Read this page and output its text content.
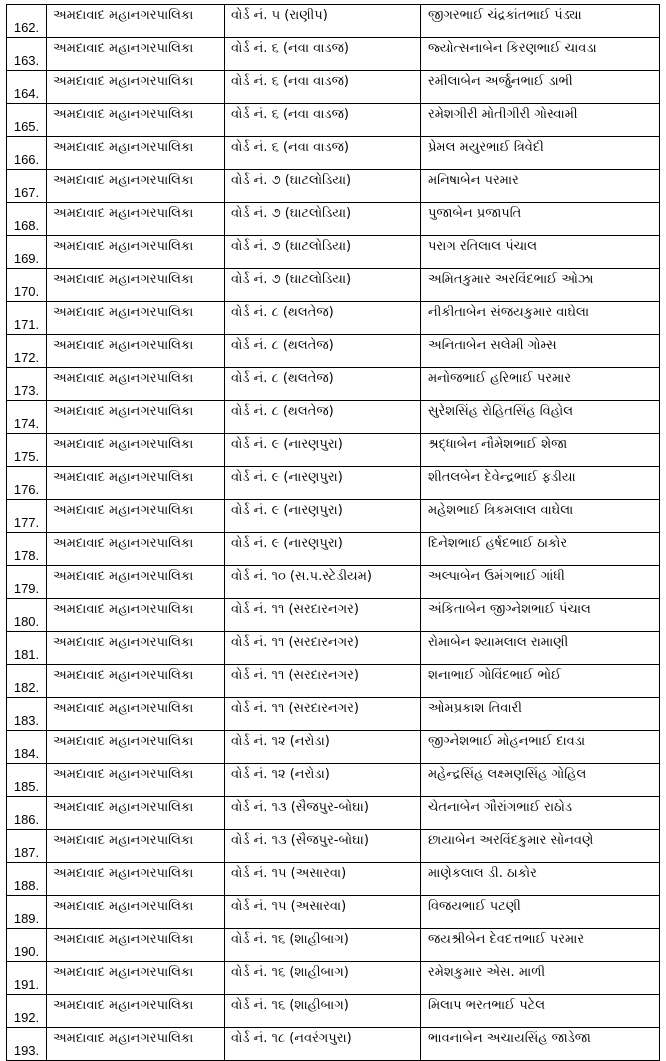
162.	અમદાવાદ મહાનગરપાલિકા	વોર્ડ નં. ૫ (રાણીપ)	જીગરભાઈ ચંદ્રકાંતભાઈ પંડ્યા
163.	અમદાવાદ મહાનગરપાલિકા	વોર્ડ નં. ૬ (નવા વાડજ)	જ્યોત્સનાબેન કિરણભાઈ ચાવડા
164.	અમદાવાદ મહાનગરપાલિકા	વોર્ડ નં. ૬ (નવા વાડજ)	રમીલાબેન અર્જુનભાઈ ડાભી
165.	અમદાવાદ મહાનગરપાલિકા	વોર્ડ નં. ૬ (નવા વાડજ)	રમેશગીરી મોતીગીરી ગોસ્વામી
166.	અમદાવાદ મહાનગરપાલિકા	વોર્ડ નં. ૬ (નવા વાડજ)	પ્રેમલ મયુરભાઈ ત્રિવેદી
167.	અમદાવાદ મહાનગરપાલિકા	વોર્ડ નં. ૭ (ઘાટલોડિયા)	મનિષાબેન પરમાર
168.	અમદાવાદ મહાનગરપાલિકા	વોર્ડ નં. ૭ (ઘાટલોડિયા)	પુજાબેન પ્રજાપતિ
169.	અમદાવાદ મહાનગરપાલિકા	વોર્ડ નં. ૭ (ઘાટલોડિયા)	પરાગ રતિલાલ પંચાલ
170.	અમદાવાદ મહાનગરપાલિકા	વોર્ડ નં. ૭ (ઘાટલોડિયા)	અમિતકુમાર અરવિંદભાઈ ઓઝા
171.	અમદાવાદ મહાનગરપાલિકા	વોર્ડ નં. ૮ (થલતેજ)	નીકીતાબેન સંજયકુમાર વાઘેલા
172.	અમદાવાદ મહાનગરપાલિકા	વોર્ડ નં. ૮ (થલતેજ)	અનિતાબેન સલેમી ગોમ્સ
173.	અમદાવાદ મહાનગરપાલિકા	વોર્ડ નં. ૮ (થલતેજ)	મનોજભાઈ હરિભાઈ પરમાર
174.	અમદાવાદ મહાનગરપાલિકા	વોર્ડ નં. ૮ (થલતેજ)	સુરેશસિંહ રોહિતસિંહ વિહોલ
175.	અમદાવાદ મહાનગરપાલિકા	વોર્ડ નં. ૯ (નારણપુરા)	શ્રદ્ધાબેન નૌમેશભાઈ શેજા
176.	અમદાવાદ મહાનગરપાલિકા	વોર્ડ નં. ૯ (નારણપુરા)	શીતલબેન દેવેન્દ્રભાઈ ફડીયા
177.	અમદાવાદ મહાનગરપાલિકા	વોર્ડ નં. ૯ (નારણપુરા)	મહેશભાઈ ત્રિકમલાલ વાઘેલા
178.	અમદાવાદ મહાનગરપાલિકા	વોર્ડ નં. ૯ (નારણપુરા)	દિનેશભાઈ હર્ષદભાઈ ઠાકોર
179.	અમદાવાદ મહાનગરપાલિકા	વોર્ડ નં. ૧૦ (સ.પ.સ્ટેડીયમ)	અલ્પાબેન ઉમંગભાઈ ગાંધી
180.	અમદાવાદ મહાનગરપાલિકા	વોર્ડ નં. ૧૧ (સરદારનગર)	અંકિતાબેન જીગ્નેશભાઈ પંચાલ
181.	અમદાવાદ મહાનગરપાલિકા	વોર્ડ નં. ૧૧ (સરદારનગર)	રોમાબેન શ્યામલાલ રામાણી
182.	અમદાવાદ મહાનગરપાલિકા	વોર્ડ નં. ૧૧ (સરદારનગર)	શનાભાઈ ગોવિંદભાઈ ભોઈ
183.	અમદાવાદ મહાનગરપાલિકા	વોર્ડ નં. ૧૧ (સરદારનગર)	ઓમપ્રકાશ તિવારી
184.	અમદાવાદ મહાનગરપાલિકા	વોર્ડ નં. ૧૨ (નરોડા)	જીગ્નેશભાઈ મોહનભાઈ દાવડા
185.	અમદાવાદ મહાનગરપાલિકા	વોર્ડ નં. ૧૨ (નરોડા)	મહેન્દ્રસિંહ લક્ષ્મણસિંહ ગોહિલ
186.	અમદાવાદ મહાનગરપાલિકા	વોર્ડ નં. ૧૩ (સૈજપુર-બોઘા)	ચેતનાબેન ગૌરાંગભાઈ રાઠોડ
187.	અમદાવાદ મહાનગરપાલિકા	વોર્ડ નં. ૧૩ (સૈજપુર-બોઘા)	છાયાબેન અરવિંદકુમાર સોનવણે
188.	અમદાવાદ મહાનગરપાલિકા	વોર્ડ નં. ૧૫ (અસારવા)	માણેકલાલ ડી. ઠાકોર
189.	અમદાવાદ મહાનગરપાલિકા	વોર્ડ નં. ૧૫ (અસારવા)	વિજયભાઈ પટણી
190.	અમદાવાદ મહાનગરપાલિકા	વોર્ડ નં. ૧૬ (શાહીબાગ)	જયશ્રીબેન દેવદત્તભાઈ પરમાર
191.	અમદાવાદ મહાનગરપાલિકા	વોર્ડ નં. ૧૬ (શાહીબાગ)	રમેશકુમાર એસ. માળી
192.	અમદાવાદ મહાનગરપાલિકા	વોર્ડ નં. ૧૬ (શાહીબાગ)	મિલાપ ભરતભાઈ પટેલ
193.	અમદાવાદ મહાનગરપાલિકા	વોર્ડ નં. ૧૮ (નવરંગપુરા)	ભાવનાબેન અચાયસિંહ જાડેજા
